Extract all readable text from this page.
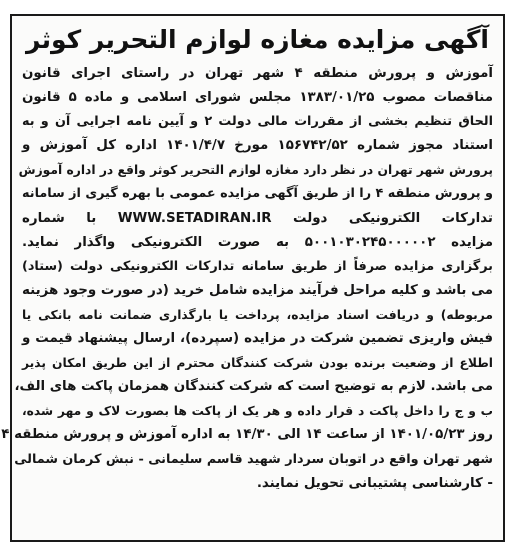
آگهی مزایده مغازه لوازم التحریر کوثر
آموزش و پرورش منطقه ۴ شهر تهران در راستای اجرای قانون
مناقصات مصوب ۱۳۸۳/۰۱/۲۵ مجلس شورای اسلامی و ماده ۵ قانون
الحاق تنظیم بخشی از مقررات مالی دولت ۲ و آیین نامه اجرایی آن و به
استناد مجوز شماره ۱۵۶۷۴۲/۵۲ مورخ ۱۴۰۱/۴/۷ اداره کل آموزش و
پرورش شهر تهران در نظر دارد مغازه لوازم التحریر کوثر واقع در اداره آموزش
و پرورش منطقه ۴ را از طریق آگهی مزایده عمومی با بهره گیری از سامانه
تدارکات الکترونیکی دولت WWW.SETADIRAN.IR با شماره
مزایده ۵۰۰۱۰۳۰۲۴۵۰۰۰۰۰۲ به صورت الکترونیکی واگذار نماید.
برگزاری مزایده صرفاً از طریق سامانه تدارکات الکترونیکی دولت (ستاد)
می باشد و کلیه مراحل فرآیند مزایده شامل خرید (در صورت وجود هزینه
مربوطه) و دریافت اسناد مزایده، پرداخت یا بارگذاری ضمانت نامه بانکی یا
فیش واریزی تضمین شرکت در مزایده (سپرده)، ارسال پیشنهاد قیمت و
اطلاع از وضعیت برنده بودن شرکت کنندگان محترم از این طریق امکان پذیر
می باشد. لازم به توضیح است که شرکت کنندگان همزمان پاکت های الف،
ب و ج را داخل پاکت د قرار داده و هر یک از پاکت ها بصورت لاک و مهر شده،
روز ۱۴۰۱/۰۵/۲۳ از ساعت ۱۴ الی ۱۴/۳۰ به اداره آموزش و پرورش منطقه ۴
شهر تهران واقع در اتوبان سردار شهید قاسم سلیمانی - نبش کرمان شمالی
- کارشناسی پشتیبانی تحویل نمایند.
